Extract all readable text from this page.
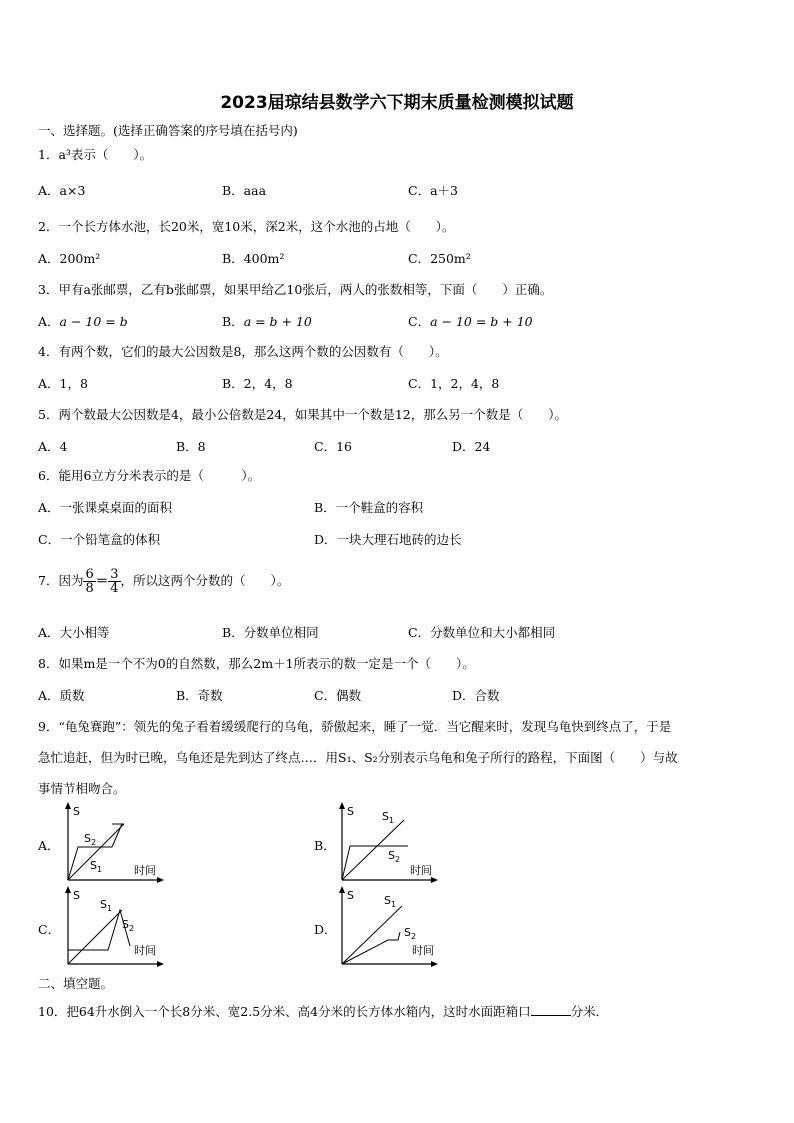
2023届琼结县数学六下期末质量检测模拟试题
一、选择题。(选择正确答案的序号填在括号内)
1．a³表示（　　）。
A．a×3	B．aaa	C．a＋3
2．一个长方体水池，长20米，宽10米，深2米，这个水池的占地（　　）。
A．200m²	B．400m²	C．250m²
3．甲有a张邮票，乙有b张邮票，如果甲给乙10张后，两人的张数相等，下面（　　）正确。
A．a − 10 = b	B．a = b + 10	C．a − 10 = b + 10
4．有两个数，它们的最大公因数是8，那么这两个数的公因数有（　　）。
A．1，8	B．2，4，8	C．1，2，4，8
5．两个数最大公因数是4，最小公倍数是24，如果其中一个数是12，那么另一个数是（　　）。
A．4	B．8	C．16	D．24
6．能用6立方分米表示的是（　　　）。
A．一张课桌桌面的面积	B．一个鞋盒的容积
C．一个铅笔盒的体积	D．一块大理石地砖的边长
7．因为 $\frac{6}{8} = \frac{3}{4}$ ，所以这两个分数的（　　）。
A．大小相等	B．分数单位相同	C．分数单位和大小都相同
8．如果m是一个不为0的自然数，那么2m＋1所表示的数一定是一个（　　）。
A．质数	B．奇数	C．偶数	D．合数
9．“龟兔赛跑”：领先的兔子看着缓缓爬行的乌龟，骄傲起来，睡了一觉．当它醒来时，发现乌龟快到终点了，于是
急忙追赶，但为时已晚，乌龟还是先到达了终点…．用S₁、S₂分别表示乌龟和兔子所行的路程，下面图（　　）与故
事情节相吻合。
A．	B．
C．	D．
S
$S_2$
$S_1$	时间
S	$S_1$
$S_2$
时间
S
$S_1$
$S_2$
时间
S	$S_1$
$S_2$
时间
二、填空题。
10．把64升水倒入一个长8分米、宽2.5分米、高4分米的长方体水箱内，这时水面距箱口	分米．
